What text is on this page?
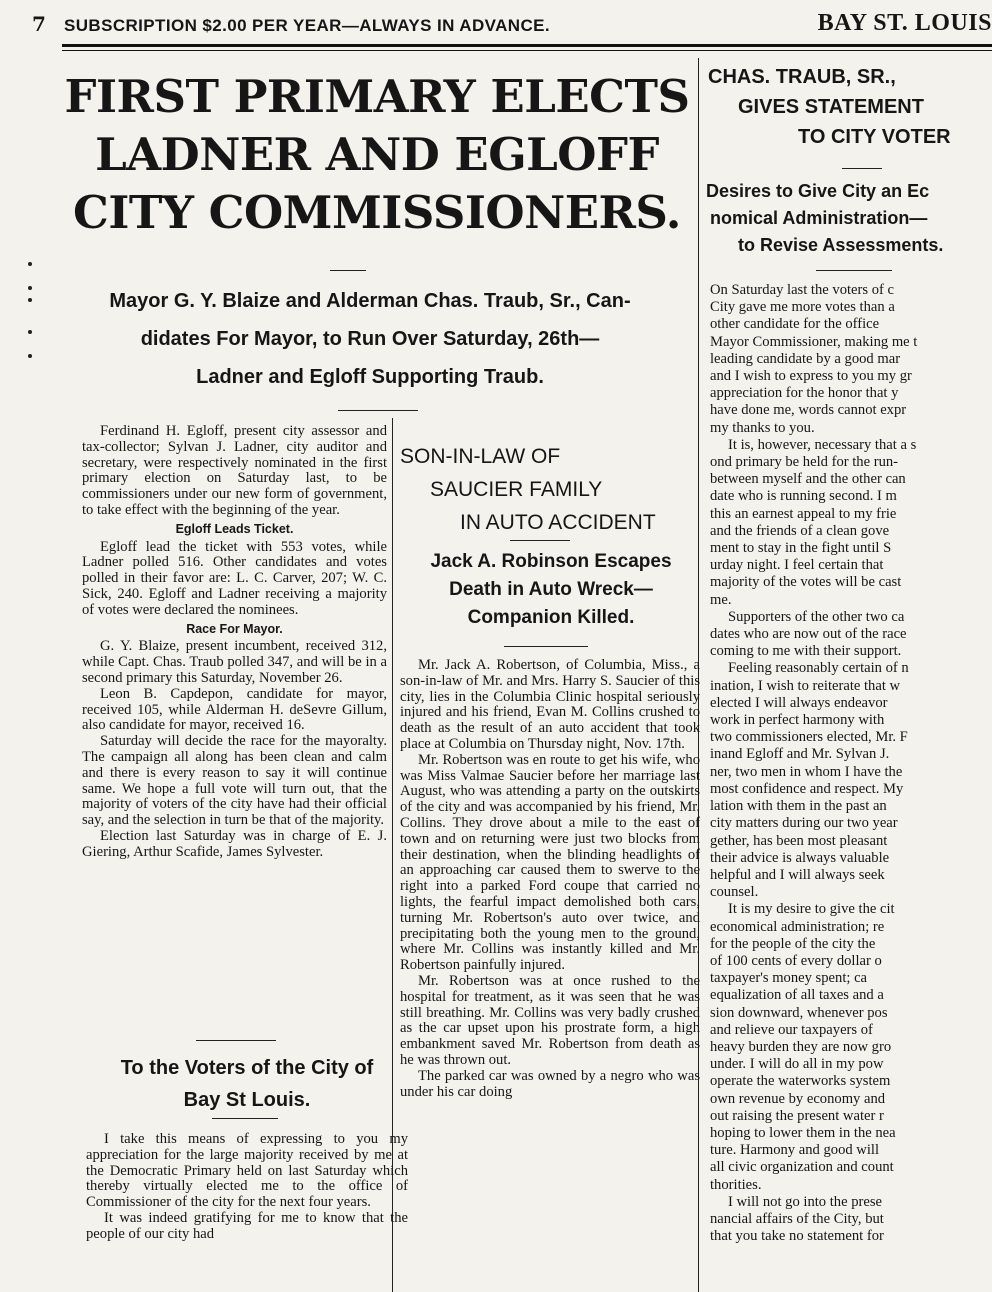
7 SUBSCRIPTION $2.00 PER YEAR—ALWAYS IN ADVANCE.	BAY ST. LOUIS
FIRST PRIMARY ELECTS
LADNER AND EGLOFF
CITY COMMISSIONERS.
Mayor G. Y. Blaize and Alderman Chas. Traub, Sr., Can-
didates For Mayor, to Run Over Saturday, 26th—
Ladner and Egloff Supporting Traub.

Ferdinand H. Egloff, present city assessor and tax-collector; Sylvan J. Ladner, city auditor and secretary, were respectively nominated in the first primary election on Saturday last, to be commissioners under our new form of government, to take effect with the beginning of the year.

Egloff Leads Ticket.

Egloff lead the ticket with 553 votes, while Ladner polled 516. Other candidates and votes polled in their favor are: L. C. Carver, 207; W. C. Sick, 240. Egloff and Ladner receiving a majority of votes were declared the nominees.

Race For Mayor.

G. Y. Blaize, present incumbent, received 312, while Capt. Chas. Traub polled 347, and will be in a second primary this Saturday, November 26.

Leon B. Capdepon, candidate for mayor, received 105, while Alderman H. deSevre Gillum, also candidate for mayor, received 16.

Saturday will decide the race for the mayoralty. The campaign all along has been clean and calm and there is every reason to say it will continue same. We hope a full vote will turn out, that the majority of voters of the city have had their official say, and the selection in turn be that of the majority.

Election last Saturday was in charge of E. J. Giering, Arthur Scafide, James Sylvester.

To the Voters of the City of
Bay St Louis.

I take this means of expressing to you my appreciation for the large majority received by me at the Democratic Primary held on last Saturday which thereby virtually elected me to the office of Commissioner of the city for the next four years.

It was indeed gratifying for me to know that the people of our city had

SON-IN-LAW OF
SAUCIER FAMILY
IN AUTO ACCIDENT
Jack A. Robinson Escapes
Death in Auto Wreck—
Companion Killed.

Mr. Jack A. Robertson, of Columbia, Miss., a son-in-law of Mr. and Mrs. Harry S. Saucier of this city, lies in the Columbia Clinic hospital seriously injured and his friend, Evan M. Collins crushed to death as the result of an auto accident that took place at Columbia on Thursday night, Nov. 17th.

Mr. Robertson was en route to get his wife, who was Miss Valmae Saucier before her marriage last August, who was attending a party on the outskirts of the city and was accompanied by his friend, Mr. Collins. They drove about a mile to the east of town and on returning were just two blocks from their destination, when the blinding headlights of an approaching car caused them to swerve to the right into a parked Ford coupe that carried no lights, the fearful impact demolished both cars, turning Mr. Robertson's auto over twice, and precipitating both the young men to the ground, where Mr. Collins was instantly killed and Mr. Robertson painfully injured.

Mr. Robertson was at once rushed to the hospital for treatment, as it was seen that he was still breathing. Mr. Collins was very badly crushed as the car upset upon his prostrate form, a high embankment saved Mr. Robertson from death as he was thrown out.

The parked car was owned by a negro who was under his car doing

CHAS. TRAUB, SR.,
GIVES STATEMENT
TO CITY VOTER
Desires to Give City an Ec
nomical Administration—
to Revise Assessments.

On Saturday last the voters of c

City gave me more votes than a

other candidate for the office

Mayor Commissioner, making me t

leading candidate by a good mar

and I wish to express to you my gr

appreciation for the honor that y

have done me, words cannot expr

my thanks to you.

It is, however, necessary that a s

ond primary be held for the run-

between myself and the other can

date who is running second. I m

this an earnest appeal to my frie

and the friends of a clean gove

ment to stay in the fight until S

urday night. I feel certain that

majority of the votes will be cast

me.

Supporters of the other two ca

dates who are now out of the race

coming to me with their support.

Feeling reasonably certain of n

ination, I wish to reiterate that w

elected I will always endeavor

work in perfect harmony with

two commissioners elected, Mr. F

inand Egloff and Mr. Sylvan J.

ner, two men in whom I have the

most confidence and respect. My

lation with them in the past an

city matters during our two year

gether, has been most pleasant

their advice is always valuable

helpful and I will always seek

counsel.

It is my desire to give the cit

economical administration; re

for the people of the city the

of 100 cents of every dollar o

taxpayer's money spent; ca

equalization of all taxes and a

sion downward, whenever pos

and relieve our taxpayers of

heavy burden they are now gro

under. I will do all in my pow

operate the waterworks system

own revenue by economy and

out raising the present water r

hoping to lower them in the nea

ture. Harmony and good will

all civic organization and count

thorities.

I will not go into the prese

nancial affairs of the City, but

that you take no statement for
